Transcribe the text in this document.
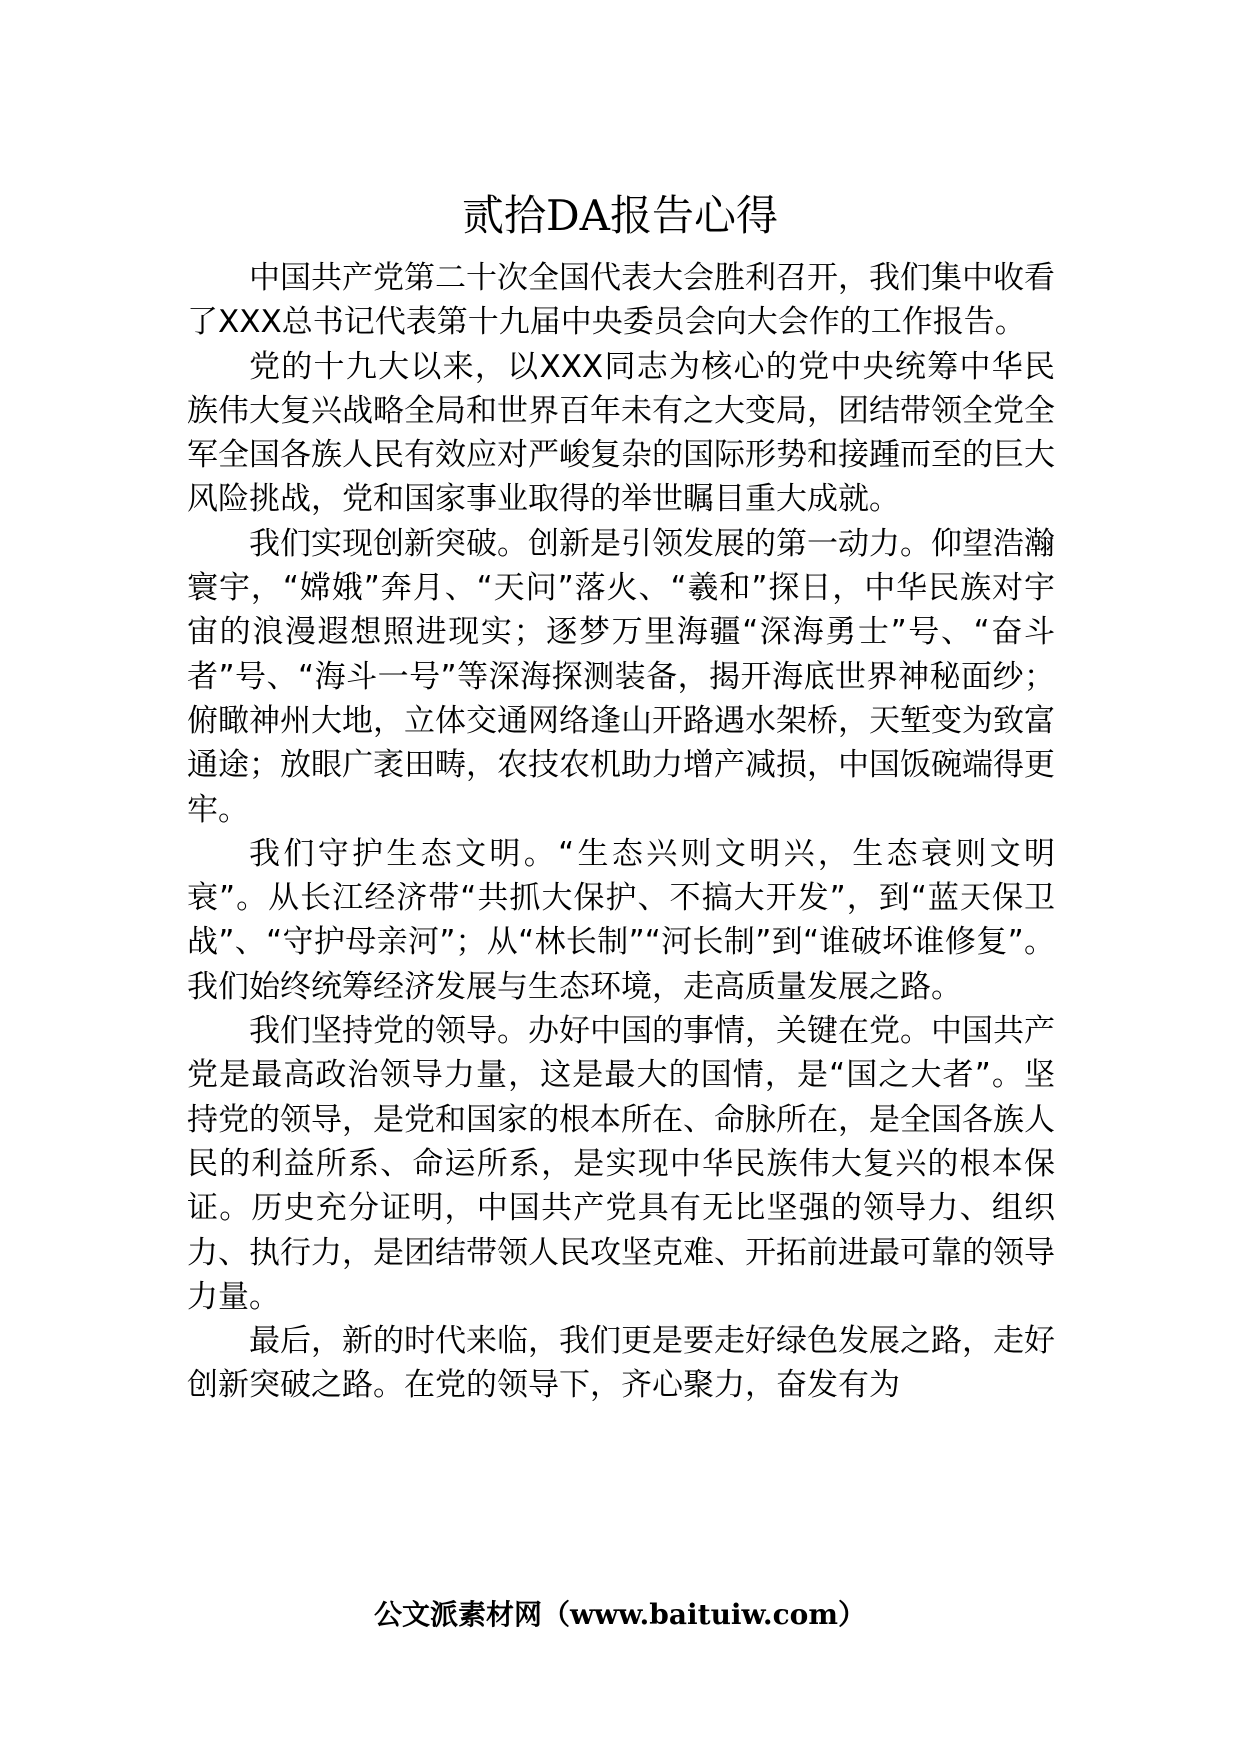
贰拾DA报告心得

中国共产党第二十次全国代表大会胜利召开，我们集中收看了XXX总书记代表第十九届中央委员会向大会作的工作报告。

党的十九大以来，以XXX同志为核心的党中央统筹中华民族伟大复兴战略全局和世界百年未有之大变局，团结带领全党全军全国各族人民有效应对严峻复杂的国际形势和接踵而至的巨大风险挑战，党和国家事业取得的举世瞩目重大成就。

我们实现创新突破。创新是引领发展的第一动力。仰望浩瀚寰宇，“嫦娥”奔月、“天问”落火、“羲和”探日，中华民族对宇宙的浪漫遐想照进现实；逐梦万里海疆“深海勇士”号、“奋斗者”号、“海斗一号”等深海探测装备，揭开海底世界神秘面纱；俯瞰神州大地，立体交通网络逢山开路遇水架桥，天堑变为致富通途；放眼广袤田畴，农技农机助力增产减损，中国饭碗端得更牢。

我们守护生态文明。“生态兴则文明兴，生态衰则文明衰”。从长江经济带“共抓大保护、不搞大开发”，到“蓝天保卫战”、“守护母亲河”；从“林长制”“河长制”到“谁破坏谁修复”。我们始终统筹经济发展与生态环境，走高质量发展之路。

我们坚持党的领导。办好中国的事情，关键在党。中国共产党是最高政治领导力量，这是最大的国情，是“国之大者”。坚持党的领导，是党和国家的根本所在、命脉所在，是全国各族人民的利益所系、命运所系，是实现中华民族伟大复兴的根本保证。历史充分证明，中国共产党具有无比坚强的领导力、组织力、执行力，是团结带领人民攻坚克难、开拓前进最可靠的领导力量。

最后，新的时代来临，我们更是要走好绿色发展之路，走好创新突破之路。在党的领导下，齐心聚力，奋发有为

公文派素材网（www.baituiw.com）
